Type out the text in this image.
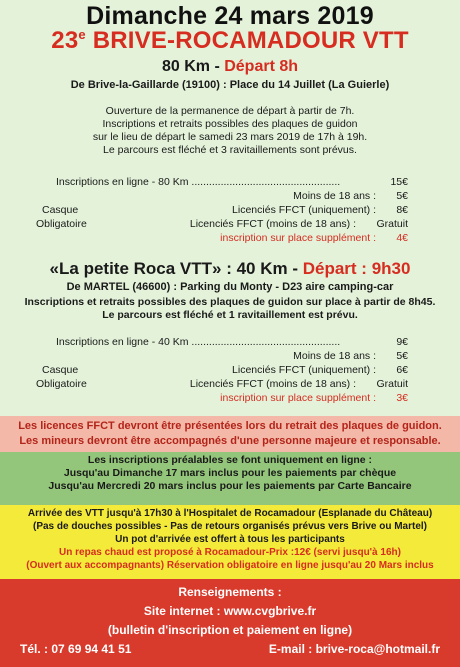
Dimanche 24 mars 2019
23e BRIVE-ROCAMADOUR VTT
80 Km - Départ 8h
De Brive-la-Gaillarde (19100) : Place du 14 Juillet (La Guierle)
Ouverture de la permanence de départ à partir de 7h.
Inscriptions et retraits possibles des plaques de guidon
sur le lieu de départ le samedi 23 mars 2019 de 17h à 19h.
Le parcours est fléché et 3 ravitaillements sont prévus.
Inscriptions en ligne - 80 Km ...................................................	15€
Moins de 18 ans : 5€
Casque	Licenciés FFCT (uniquement) : 8€
Obligatoire	Licenciés FFCT (moins de 18 ans) : Gratuit
inscription sur place supplément : 4€
«La petite Roca VTT» : 40 Km - Départ : 9h30
De MARTEL (46600) : Parking du Monty - D23 aire camping-car
Inscriptions et retraits possibles des plaques de guidon sur place à partir de 8h45.
Le parcours est fléché et 1 ravitaillement est prévu.
Inscriptions en ligne - 40 Km ...................................................	9€
Moins de 18 ans : 5€
Casque	Licenciés FFCT (uniquement) : 6€
Obligatoire	Licenciés FFCT (moins de 18 ans) : Gratuit
inscription sur place supplément : 3€
Les licences FFCT devront être présentées lors du retrait des plaques de guidon.
Les mineurs devront être accompagnés d'une personne majeure et responsable.
Les inscriptions préalables se font uniquement en ligne :
Jusqu'au Dimanche 17 mars inclus pour les paiements par chèque
Jusqu'au Mercredi 20 mars inclus pour les paiements par Carte Bancaire
Arrivée des VTT jusqu'à 17h30 à l'Hospitalet de Rocamadour (Esplanade du Château)
(Pas de douches possibles - Pas de retours organisés prévus vers Brive ou Martel)
Un pot d'arrivée est offert à tous les participants
Un repas chaud est proposé à Rocamadour-Prix :12€ (servi jusqu'à 16h)
(Ouvert aux accompagnants) Réservation obligatoire en ligne jusqu'au 20 Mars inclus
Renseignements :
Site internet : www.cvgbrive.fr
(bulletin d'inscription et paiement en ligne)
Tél. : 07 69 94 41 51	E-mail : brive-roca@hotmail.fr
